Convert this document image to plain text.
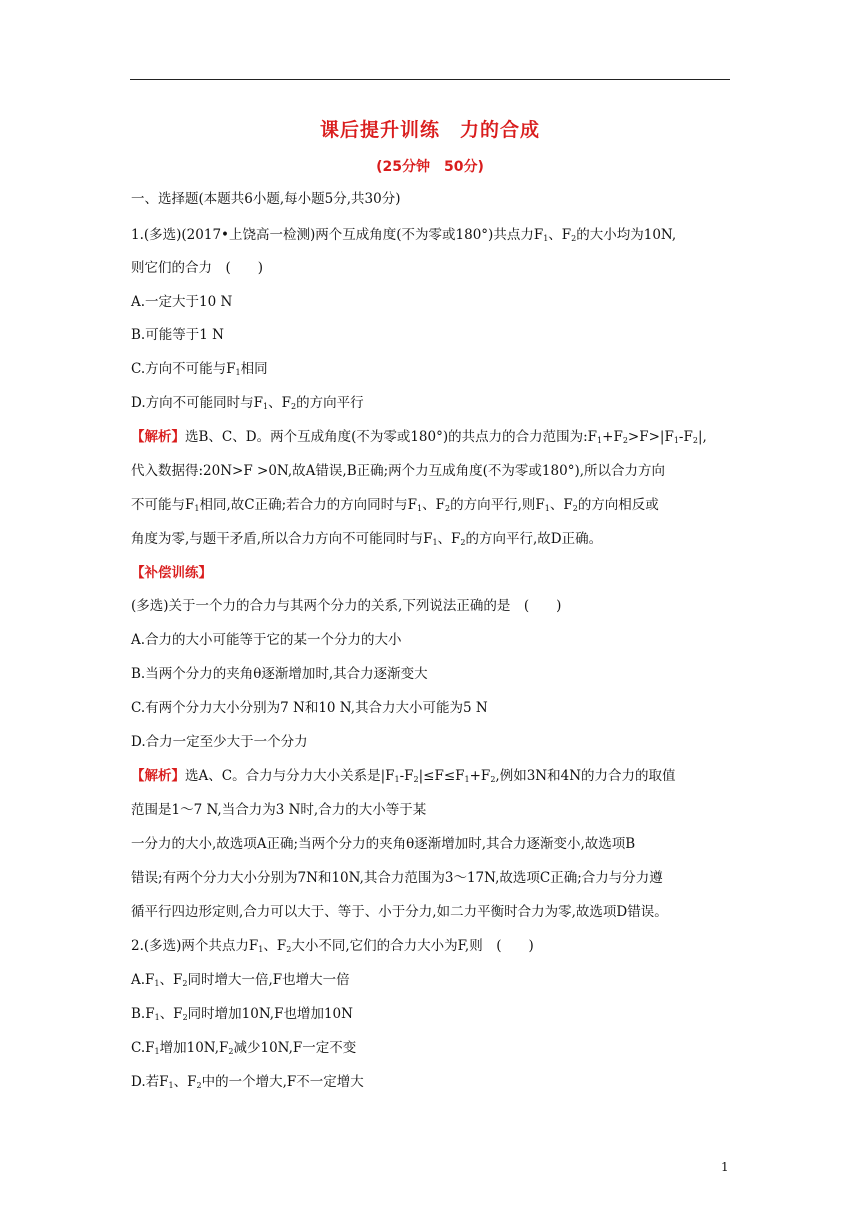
课后提升训练　力的合成
(25分钟　50分)
一、选择题(本题共6小题,每小题5分,共30分)
1.(多选)(2017•上饶高一检测)两个互成角度(不为零或180°)共点力$F_1$、$F_2$的大小均为10N,
则它们的合力　(　　)
A.一定大于10 N
B.可能等于1 N
C.方向不可能与$F_1$相同
D.方向不可能同时与$F_1$、$F_2$的方向平行
【解析】选B、C、D。两个互成角度(不为零或180°)的共点力的合力范围为$:F_1+F_2>F>|F_1-F_2|$,
代入数据得:20N>F >0N,故A错误,B正确;两个力互成角度(不为零或180°),所以合力方向
不可能与$F_1$相同,故C正确;若合力的方向同时与$F_1$、$F_2$的方向平行,则$F_1$、$F_2$的方向相反或
角度为零,与题干矛盾,所以合力方向不可能同时与$F_1$、$F_2$的方向平行,故D正确。
【补偿训练】
(多选)关于一个力的合力与其两个分力的关系,下列说法正确的是　(　　)
A.合力的大小可能等于它的某一个分力的大小
B.当两个分力的夹角θ逐渐增加时,其合力逐渐变大
C.有两个分力大小分别为7 N和10 N,其合力大小可能为5 N
D.合力一定至少大于一个分力
【解析】选A、C。合力与分力大小关系是$|F_1-F_2|\le F\le F_1+F_2$,例如3N和4N的力合力的取值
范围是1～7 N,当合力为3 N时,合力的大小等于某
一分力的大小,故选项A正确;当两个分力的夹角θ逐渐增加时,其合力逐渐变小,故选项B
错误;有两个分力大小分别为7N和10N,其合力范围为3～17N,故选项C正确;合力与分力遵
循平行四边形定则,合力可以大于、等于、小于分力,如二力平衡时合力为零,故选项D错误。
2.(多选)两个共点力$F_1$、$F_2$大小不同,它们的合力大小为F,则　(　　)
$A.F_1$、$F_2$同时增大一倍,F也增大一倍
$B.F_1$、$F_2$同时增加10N,F也增加10N
$C.F_1$增加$10N,F_2$减少10N,F一定不变
D.若$F_1$、$F_2$中的一个增大,F不一定增大
1
